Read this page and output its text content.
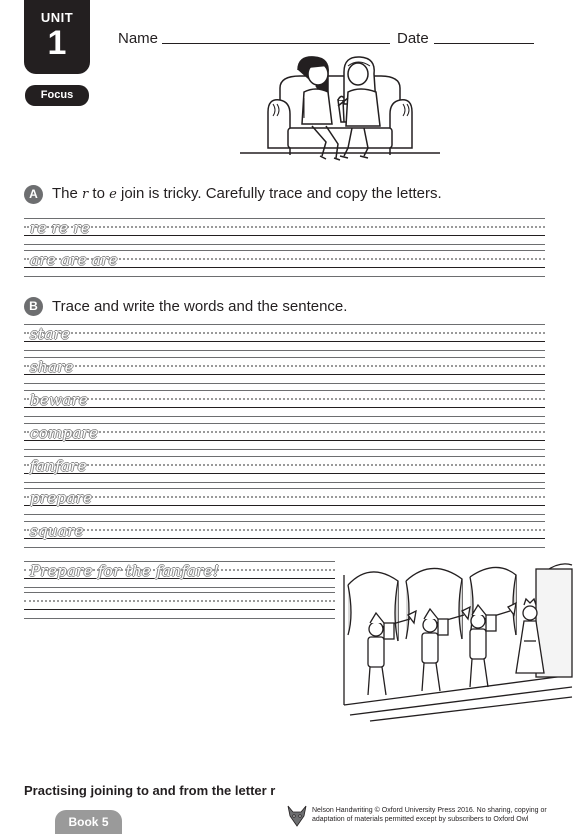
UNIT
1
Focus
Name	Date
A The r to e join is tricky. Carefully trace and copy the letters.
re re re
are are are
B Trace and write the words and the sentence.
stare
share
beware
compare
fanfare
prepare
square
Prepare for the fanfare!
Practising joining to and from the letter r
Book 5
Nelson Handwriting © Oxford University Press 2016. No sharing, copying or adaptation of materials permitted except by subscribers to Oxford Owl
